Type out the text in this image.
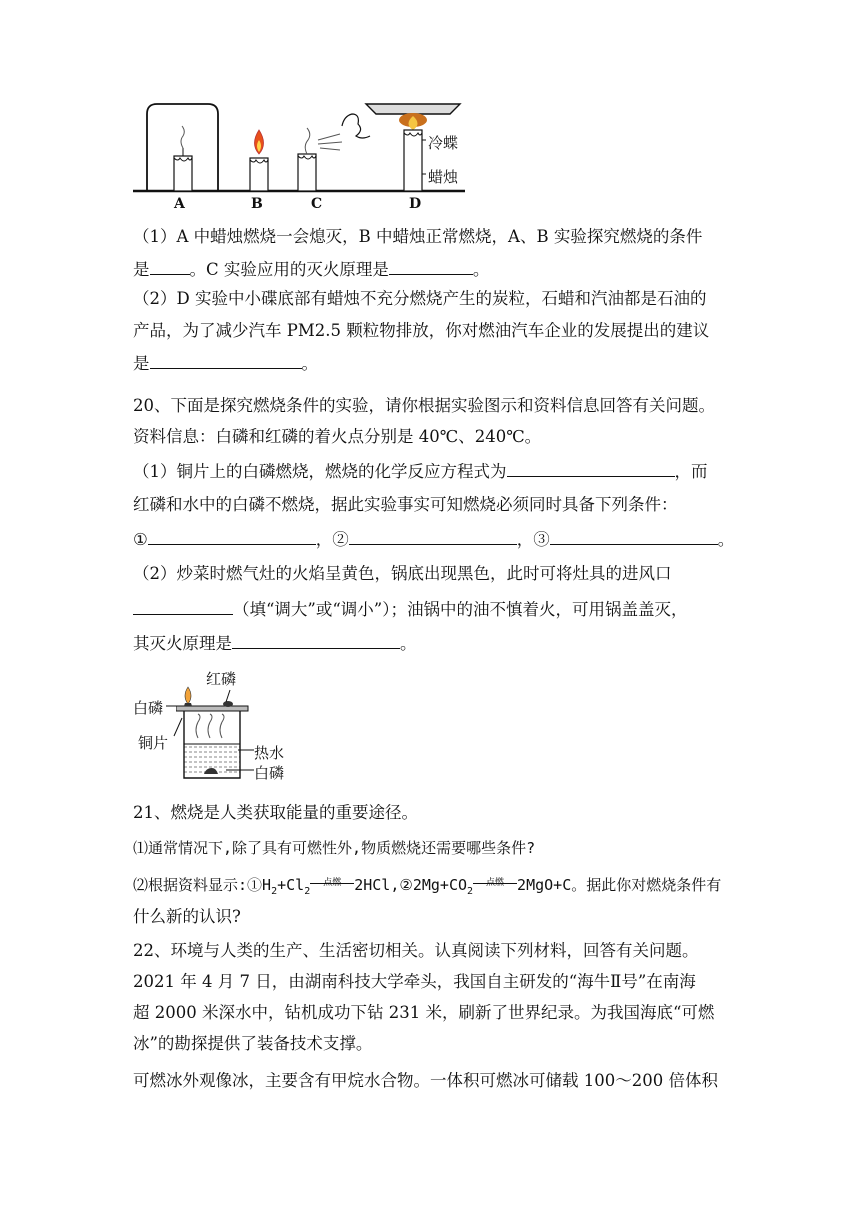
A	B	C	D
冷蝶
蜡烛
（1）A 中蜡烛燃烧一会熄灭，B 中蜡烛正常燃烧，A、B 实验探究燃烧的条件
是 。C 实验应用的灭火原理是	。
（2）D 实验中小碟底部有蜡烛不充分燃烧产生的炭粒，石蜡和汽油都是石油的
产品，为了减少汽车 PM2.5 颗粒物排放，你对燃油汽车企业的发展提出的建议
是	。
20、下面是探究燃烧条件的实验，请你根据实验图示和资料信息回答有关问题。
资料信息：白磷和红磷的着火点分别是 40℃、240℃。
（1）铜片上的白磷燃烧，燃烧的化学反应方程式为	，而
红磷和水中的白磷不燃烧，据此实验事实可知燃烧必须同时具备下列条件：
①	，②	，③	。
（2）炒菜时燃气灶的火焰呈黄色，锅底出现黑色，此时可将灶具的进风口
（填“调大”或“调小”）；油锅中的油不慎着火，可用锅盖盖灭，
其灭火原理是	。
红磷
白磷
铜片
热水
白磷
21、燃烧是人类获取能量的重要途径。
⑴通常情况下,除了具有可燃性外,物质燃烧还需要哪些条件?
⑵根据资料显示$:①H_2+Cl_2$
点燃 $2HCl,②2Mg+CO_2$
点燃 2MgO+C。据此你对燃烧条件有
什么新的认识?
22、环境与人类的生产、生活密切相关。认真阅读下列材料，回答有关问题。
2021 年 4 月 7 日，由湖南科技大学牵头，我国自主研发的“海牛Ⅱ号”在南海
超 2000 米深水中，钻机成功下钻 231 米，刷新了世界纪录。为我国海底“可燃
冰”的勘探提供了装备技术支撑。
可燃冰外观像冰，主要含有甲烷水合物。一体积可燃冰可储载 100～200 倍体积
